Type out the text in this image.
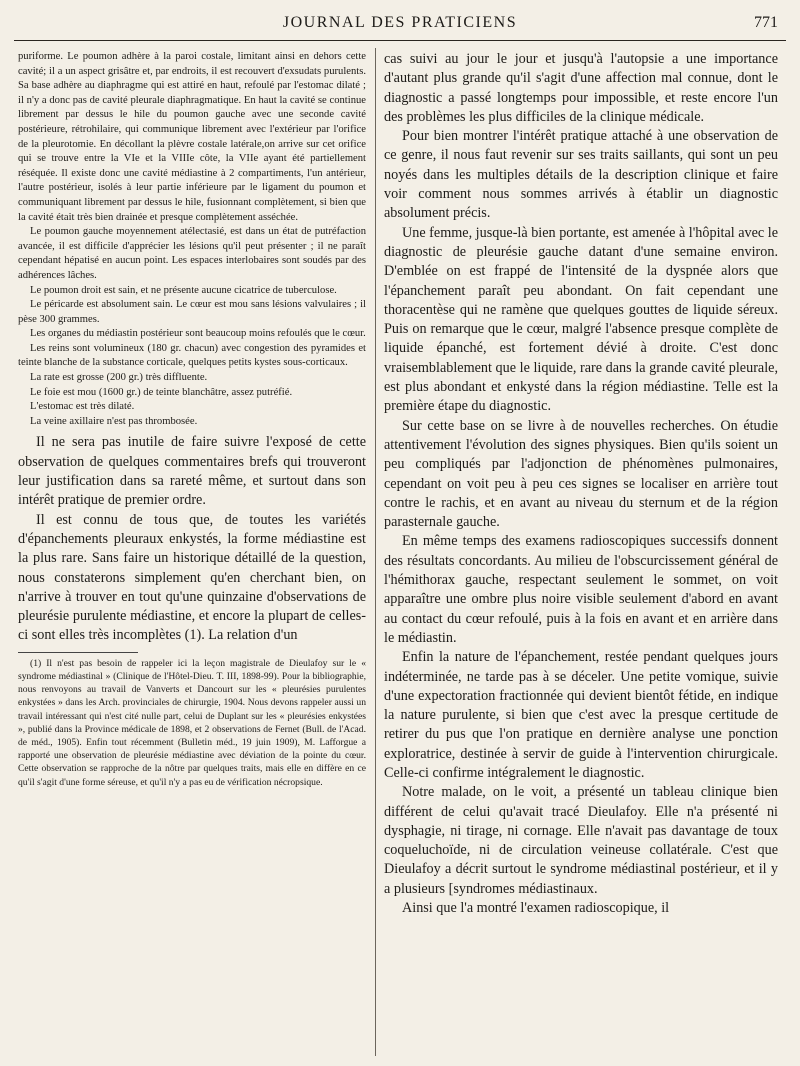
JOURNAL DES PRATICIENS	771

puriforme. Le poumon adhère à la paroi costale, limitant ainsi en dehors cette cavité; il a un aspect grisâtre et, par endroits, il est recouvert d'exsudats purulents. Sa base adhère au diaphragme qui est attiré en haut, refoulé par l'estomac dilaté ; il n'y a donc pas de cavité pleurale diaphragmatique. En haut la cavité se continue librement par dessus le hile du poumon gauche avec une seconde cavité postérieure, rétrohilaire, qui communique librement avec l'extérieur par l'orifice de la pleurotomie. En décollant la plèvre costale latérale,on arrive sur cet orifice qui se trouve entre la VIe et la VIIIe côte, la VIIe ayant été partiellement réséquée. Il existe donc une cavité médiastine à 2 compartiments, l'un antérieur, l'autre postérieur, isolés à leur partie inférieure par le ligament du poumon et communiquant librement par dessus le hile, fusionnant complètement, si bien que la cavité était très bien drainée et presque complètement asséchée.

Le poumon gauche moyennement atélectasié, est dans un état de putréfaction avancée, il est difficile d'apprécier les lésions qu'il peut présenter ; il ne paraît cependant hépatisé en aucun point. Les espaces interlobaires sont soudés par des adhérences lâches.

Le poumon droit est sain, et ne présente aucune cicatrice de tuberculose.

Le péricarde est absolument sain. Le cœur est mou sans lésions valvulaires ; il pèse 300 grammes.

Les organes du médiastin postérieur sont beaucoup moins refoulés que le cœur.

Les reins sont volumineux (180 gr. chacun) avec congestion des pyramides et teinte blanche de la substance corticale, quelques petits kystes sous-corticaux.

La rate est grosse (200 gr.) très diffluente.

Le foie est mou (1600 gr.) de teinte blanchâtre, assez putréfié.

L'estomac est très dilaté.

La veine axillaire n'est pas thrombosée.

Il ne sera pas inutile de faire suivre l'exposé de cette observation de quelques commentaires brefs qui trouveront leur justification dans sa rareté même, et surtout dans son intérêt pratique de premier ordre.

Il est connu de tous que, de toutes les variétés d'épanchements pleuraux enkystés, la forme médiastine est la plus rare. Sans faire un historique détaillé de la question, nous constaterons simplement qu'en cherchant bien, on n'arrive à trouver en tout qu'une quinzaine d'observations de pleurésie purulente médiastine, et encore la plupart de celles-ci sont elles très incomplètes (1). La relation d'un

(1) Il n'est pas besoin de rappeler ici la leçon magistrale de Dieulafoy sur le « syndrome médiastinal » (Clinique de l'Hôtel-Dieu. T. III, 1898-99). Pour la bibliographie, nous renvoyons au travail de Vanverts et Dancourt sur les « pleurésies purulentes enkystées » dans les Arch. provinciales de chirurgie, 1904. Nous devons rappeler aussi un travail intéressant qui n'est cité nulle part, celui de Duplant sur les « pleurésies enkystées », publié dans la Province médicale de 1898, et 2 observations de Fernet (Bull. de l'Acad. de méd., 1905). Enfin tout récemment (Bulletin méd., 19 juin 1909), M. Lafforgue a rapporté une observation de pleurésie médiastine avec déviation de la pointe du cœur. Cette observation se rapproche de la nôtre par quelques traits, mais elle en diffère en ce qu'il s'agit d'une forme séreuse, et qu'il n'y a pas eu de vérification nécropsique.

cas suivi au jour le jour et jusqu'à l'autopsie a une importance d'autant plus grande qu'il s'agit d'une affection mal connue, dont le diagnostic a passé longtemps pour impossible, et reste encore l'un des problèmes les plus difficiles de la clinique médicale.

Pour bien montrer l'intérêt pratique attaché à une observation de ce genre, il nous faut revenir sur ses traits saillants, qui sont un peu noyés dans les multiples détails de la description clinique et faire voir comment nous sommes arrivés à établir un diagnostic absolument précis.

Une femme, jusque-là bien portante, est amenée à l'hôpital avec le diagnostic de pleurésie gauche datant d'une semaine environ. D'emblée on est frappé de l'intensité de la dyspnée alors que l'épanchement paraît peu abondant. On fait cependant une thoracentèse qui ne ramène que quelques gouttes de liquide séreux. Puis on remarque que le cœur, malgré l'absence presque complète de liquide épanché, est fortement dévié à droite. C'est donc vraisemblablement que le liquide, rare dans la grande cavité pleurale, est plus abondant et enkysté dans la région médiastine. Telle est la première étape du diagnostic.

Sur cette base on se livre à de nouvelles recherches. On étudie attentivement l'évolution des signes physiques. Bien qu'ils soient un peu compliqués par l'adjonction de phénomènes pulmonaires, cependant on voit peu à peu ces signes se localiser en arrière tout contre le rachis, et en avant au niveau du sternum et de la région parasternale gauche.

En même temps des examens radioscopiques successifs donnent des résultats concordants. Au milieu de l'obscurcissement général de l'hémithorax gauche, respectant seulement le sommet, on voit apparaître une ombre plus noire visible seulement d'abord en avant au contact du cœur refoulé, puis à la fois en avant et en arrière dans le médiastin.

Enfin la nature de l'épanchement, restée pendant quelques jours indéterminée, ne tarde pas à se déceler. Une petite vomique, suivie d'une expectoration fractionnée qui devient bientôt fétide, en indique la nature purulente, si bien que c'est avec la presque certitude de retirer du pus que l'on pratique en dernière analyse une ponction exploratrice, destinée à servir de guide à l'intervention chirurgicale. Celle-ci confirme intégralement le diagnostic.

Notre malade, on le voit, a présenté un tableau clinique bien différent de celui qu'avait tracé Dieulafoy. Elle n'a présenté ni dysphagie, ni tirage, ni cornage. Elle n'avait pas davantage de toux coqueluchoïde, ni de circulation veineuse collatérale. C'est que Dieulafoy a décrit surtout le syndrome médiastinal postérieur, et il y a plusieurs [syndromes médiastinaux.

Ainsi que l'a montré l'examen radioscopique, il
